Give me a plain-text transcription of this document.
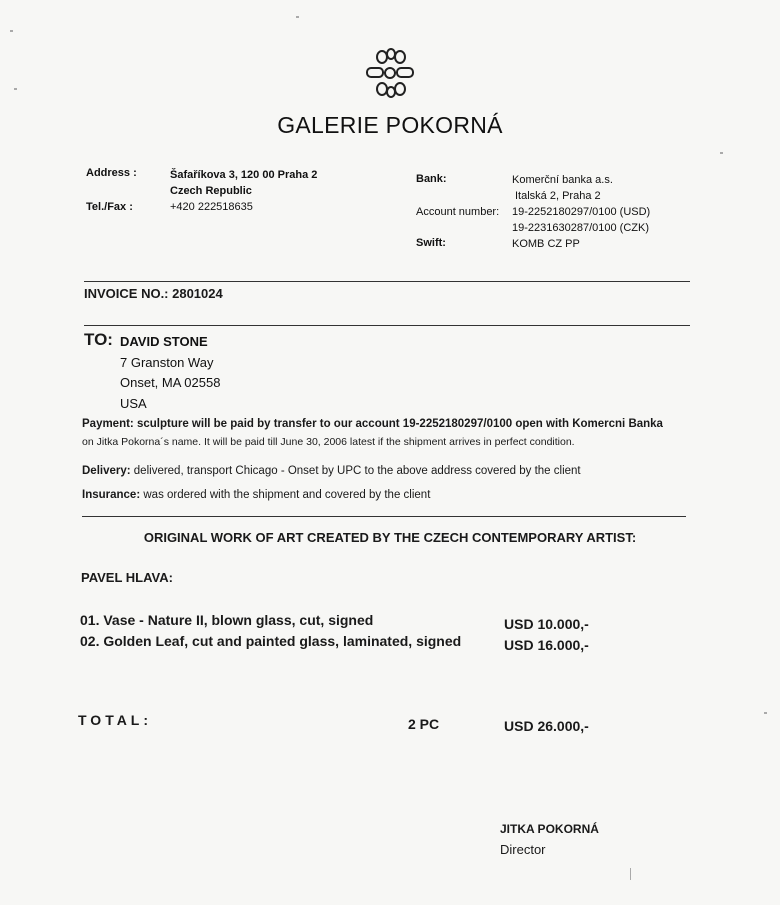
GALERIE POKORNÁ
Address :	Šafaříkova 3, 120 00 Praha 2
Czech Republic
Tel./Fax :	+420 222518635
Bank:	Komerční banka a.s.
Italská 2, Praha 2
Account number: 19-2252180297/0100 (USD)
19-2231630287/0100 (CZK)
Swift:	KOMB CZ PP
INVOICE NO.: 2801024
TO: DAVID STONE
7 Granston Way
Onset, MA 02558
USA
Payment: sculpture will be paid by transfer to our account 19-2252180297/0100 open with Komercni Banka
on Jitka Pokorna´s name. It will be paid till June 30, 2006 latest if the shipment arrives in perfect condition.
Delivery: delivered, transport Chicago - Onset by UPC to the above address covered by the client
Insurance: was ordered with the shipment and covered by the client
ORIGINAL WORK OF ART CREATED BY THE CZECH CONTEMPORARY ARTIST:
PAVEL HLAVA:
01. Vase - Nature II, blown glass, cut, signed	USD 10.000,-
02. Golden Leaf, cut and painted glass, laminated, signed	USD 16.000,-
TOTAL:	2 PC	USD 26.000,-
JITKA POKORNÁ
Director
